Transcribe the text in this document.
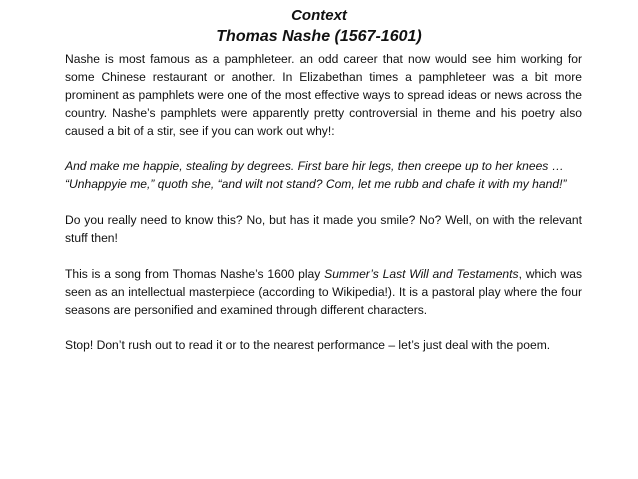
Context
Thomas Nashe (1567-1601)

Nashe is most famous as a pamphleteer. an odd career that now would see him working for some Chinese restaurant or another. In Elizabethan times a pamphleteer was a bit more prominent as pamphlets were one of the most effective ways to spread ideas or news across the country. Nashe’s pamphlets were apparently pretty controversial in theme and his poetry also caused a bit of a stir, see if you can work out why!:

And make me happie, stealing by degrees. First bare hir legs, then creepe up to her knees …

“Unhappyie me,” quoth she, “and wilt not stand? Com, let me rubb and chafe it with my hand!”

Do you really need to know this? No, but has it made you smile? No? Well, on with the relevant stuff then!

This is a song from Thomas Nashe’s 1600 play Summer’s Last Will and Testaments, which was seen as an intellectual masterpiece (according to Wikipedia!). It is a pastoral play where the four seasons are personified and examined through different characters.

Stop! Don’t rush out to read it or to the nearest performance – let’s just deal with the poem.
